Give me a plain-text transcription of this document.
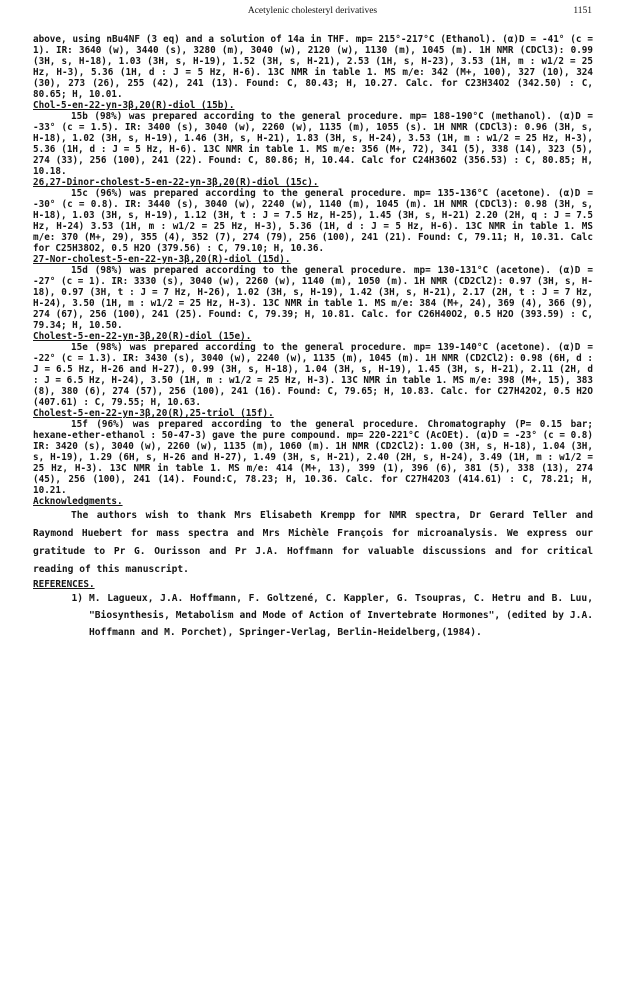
Acetylenic cholesteryl derivatives	1151

above, using nBu4NF (3 eq) and a solution of 14a in THF. mp= 215°-217°C (Ethanol). (α)D = -41° (c = 1). IR: 3640 (w), 3440 (s), 3280 (m), 3040 (w), 2120 (w), 1130 (m), 1045 (m). 1H NMR (CDCl3): 0.99 (3H, s, H-18), 1.03 (3H, s, H-19), 1.52 (3H, s, H-21), 2.53 (1H, s, H-23), 3.53 (1H, m : w1/2 = 25 Hz, H-3), 5.36 (1H, d : J = 5 Hz, H-6). 13C NMR in table 1. MS m/e: 342 (M+, 100), 327 (10), 324 (30), 273 (26), 255 (42), 241 (13). Found: C, 80.43; H, 10.27. Calc. for C23H34O2 (342.50) : C, 80.65; H, 10.01.

Chol-5-en-22-yn-3β,20(R)-diol (15b).

15b (98%) was prepared according to the general procedure. mp= 188-190°C (methanol). (α)D = -33° (c = 1.5). IR: 3400 (s), 3040 (w), 2260 (w), 1135 (m), 1055 (s). 1H NMR (CDCl3): 0.96 (3H, s, H-18), 1.02 (3H, s, H-19), 1.46 (3H, s, H-21), 1.83 (3H, s, H-24), 3.53 (1H, m : w1/2 = 25 Hz, H-3), 5.36 (1H, d : J = 5 Hz, H-6). 13C NMR in table 1. MS m/e: 356 (M+, 72), 341 (5), 338 (14), 323 (5), 274 (33), 256 (100), 241 (22). Found: C, 80.86; H, 10.44. Calc for C24H36O2 (356.53) : C, 80.85; H, 10.18.

26,27-Dinor-cholest-5-en-22-yn-3β,20(R)-diol (15c).

15c (96%) was prepared according to the general procedure. mp= 135-136°C (acetone). (α)D = -30° (c = 0.8). IR: 3440 (s), 3040 (w), 2240 (w), 1140 (m), 1045 (m). 1H NMR (CDCl3): 0.98 (3H, s, H-18), 1.03 (3H, s, H-19), 1.12 (3H, t : J = 7.5 Hz, H-25), 1.45 (3H, s, H-21) 2.20 (2H, q : J = 7.5 Hz, H-24) 3.53 (1H, m : w1/2 = 25 Hz, H-3), 5.36 (1H, d : J = 5 Hz, H-6). 13C NMR in table 1. MS m/e: 370 (M+, 29), 355 (4), 352 (7), 274 (79), 256 (100), 241 (21). Found: C, 79.11; H, 10.31. Calc for C25H38O2, 0.5 H2O (379.56) : C, 79.10; H, 10.36.

27-Nor-cholest-5-en-22-yn-3β,20(R)-diol (15d).

15d (98%) was prepared according to the general procedure. mp= 130-131°C (acetone). (α)D = -27° (c = 1). IR: 3330 (s), 3040 (w), 2260 (w), 1140 (m), 1050 (m). 1H NMR (CD2Cl2): 0.97 (3H, s, H-18), 0.97 (3H, t : J = 7 Hz, H-26), 1.02 (3H, s, H-19), 1.42 (3H, s, H-21), 2.17 (2H, t : J = 7 Hz, H-24), 3.50 (1H, m : w1/2 = 25 Hz, H-3). 13C NMR in table 1. MS m/e: 384 (M+, 24), 369 (4), 366 (9), 274 (67), 256 (100), 241 (25). Found: C, 79.39; H, 10.81. Calc. for C26H40O2, 0.5 H2O (393.59) : C, 79.34; H, 10.50.

Cholest-5-en-22-yn-3β,20(R)-diol (15e).

15e (98%) was prepared according to the general procedure. mp= 139-140°C (acetone). (α)D = -22° (c = 1.3). IR: 3430 (s), 3040 (w), 2240 (w), 1135 (m), 1045 (m). 1H NMR (CD2Cl2): 0.98 (6H, d : J = 6.5 Hz, H-26 and H-27), 0.99 (3H, s, H-18), 1.04 (3H, s, H-19), 1.45 (3H, s, H-21), 2.11 (2H, d : J = 6.5 Hz, H-24), 3.50 (1H, m : w1/2 = 25 Hz, H-3). 13C NMR in table 1. MS m/e: 398 (M+, 15), 383 (8), 380 (6), 274 (57), 256 (100), 241 (16). Found: C, 79.65; H, 10.83. Calc. for C27H42O2, 0.5 H2O (407.61) : C, 79.55; H, 10.63.

Cholest-5-en-22-yn-3β,20(R),25-triol (15f).

15f (96%) was prepared according to the general procedure. Chromatography (P= 0.15 bar; hexane-ether-ethanol : 50-47-3) gave the pure compound. mp= 220-221°C (AcOEt). (α)D = -23° (c = 0.8) IR: 3420 (s), 3040 (w), 2260 (w), 1135 (m), 1060 (m). 1H NMR (CD2Cl2): 1.00 (3H, s, H-18), 1.04 (3H, s, H-19), 1.29 (6H, s, H-26 and H-27), 1.49 (3H, s, H-21), 2.40 (2H, s, H-24), 3.49 (1H, m : w1/2 = 25 Hz, H-3). 13C NMR in table 1. MS m/e: 414 (M+, 13), 399 (1), 396 (6), 381 (5), 338 (13), 274 (45), 256 (100), 241 (14). Found:C, 78.23; H, 10.36. Calc. for C27H42O3 (414.61) : C, 78.21; H, 10.21.

Acknowledgments.

The authors wish to thank Mrs Elisabeth Krempp for NMR spectra, Dr Gerard Teller and Raymond Huebert for mass spectra and Mrs Michèle François for microanalysis. We express our gratitude to Pr G. Ourisson and Pr J.A. Hoffmann for valuable discussions and for critical reading of this manuscript.

REFERENCES.

1) M. Lagueux, J.A. Hoffmann, F. Goltzené, C. Kappler, G. Tsoupras, C. Hetru and B. Luu, "Biosynthesis, Metabolism and Mode of Action of Invertebrate Hormones", (edited by J.A. Hoffmann and M. Porchet), Springer-Verlag, Berlin-Heidelberg,(1984).
